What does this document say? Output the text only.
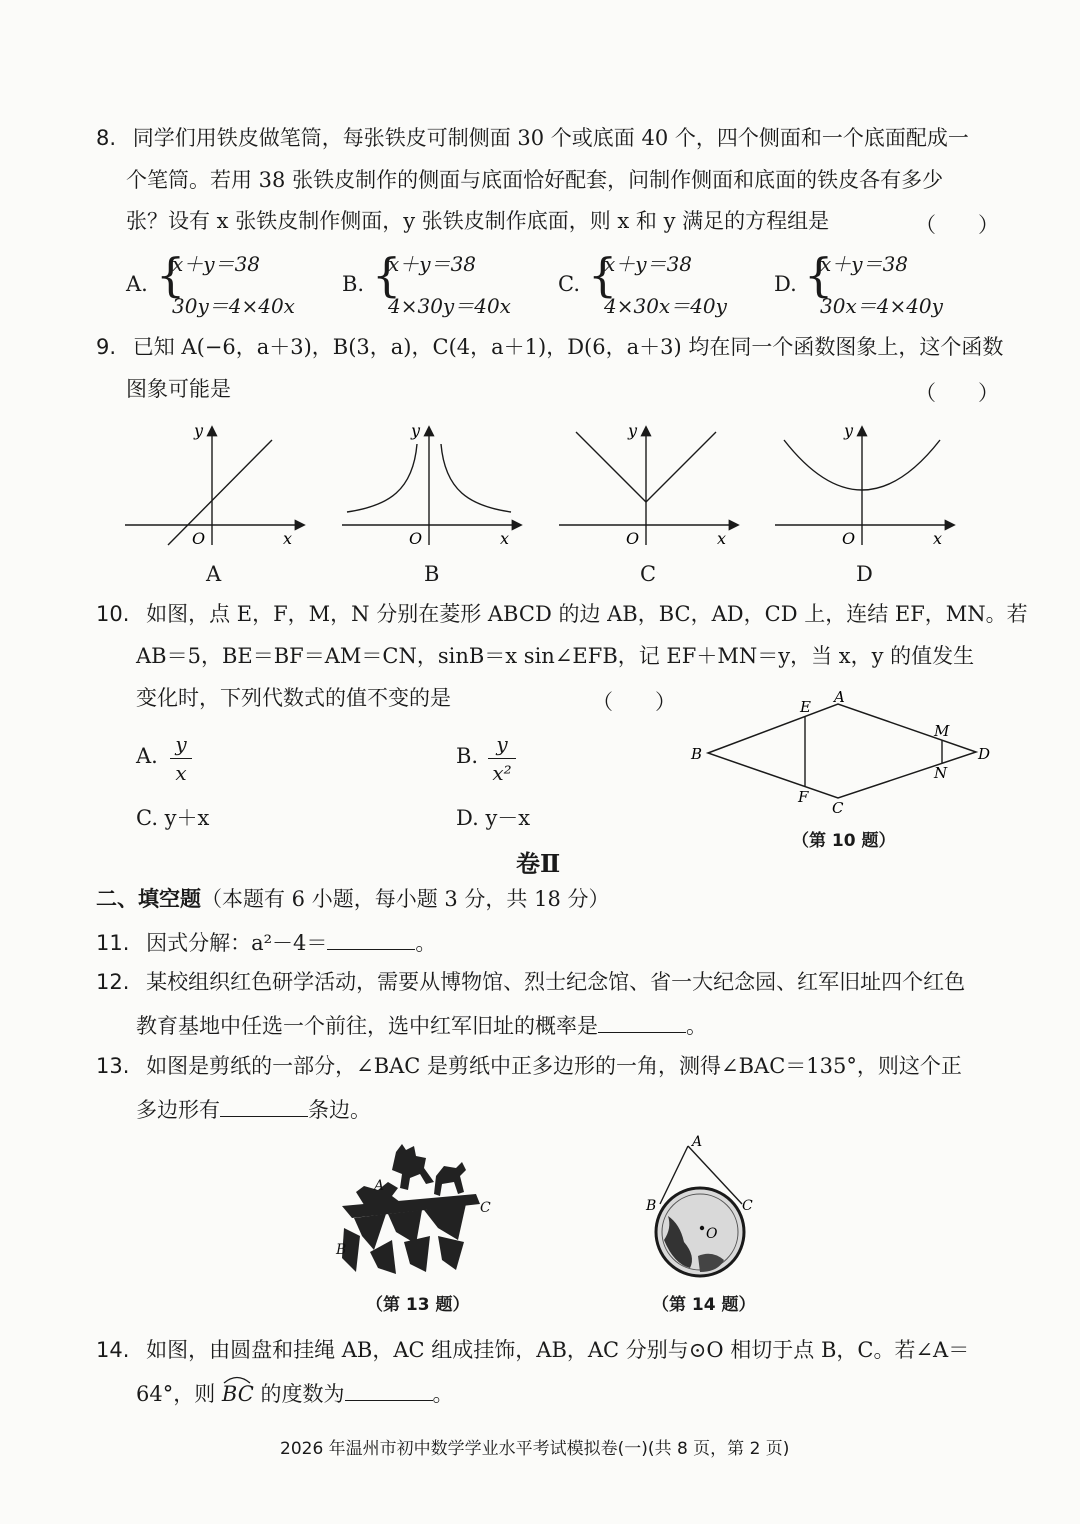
8. 同学们用铁皮做笔筒，每张铁皮可制侧面 30 个或底面 40 个，四个侧面和一个底面配成一
个笔筒。若用 38 张铁皮制作的侧面与底面恰好配套，问制作侧面和底面的铁皮各有多少
张？设有 x 张铁皮制作侧面，y 张铁皮制作底面，则 x 和 y 满足的方程组是	（　　）
A. {
x＋y＝38
30y＝4×40x
B. {
x＋y＝38
4×30y＝40x
C. {
x＋y＝38
4×30x＝40y
D. {
x＋y＝38
30x＝4×40y
9. 已知 A(−6，a＋3)，B(3，a)，C(4，a＋1)，D(6，a＋3) 均在同一个函数图象上，这个函数
图象可能是	（　　）
y
x
O
A
y
x
O
B
y
x
O
C
y
x
O
D
10. 如图，点 E，F，M，N 分别在菱形 ABCD 的边 AB，BC，AD，CD 上，连结 EF，MN。若
AB＝5，BE＝BF＝AM＝CN，sinB＝x sin∠EFB，记 EF＋MN＝y，当 x，y 的值发生
变化时，下列代数式的值不变的是	（　　）
A. y
x
B. y
x²
C. y＋x	D. y－x
A
B
C
D
E
F
M
N
（第 10 题）
卷Ⅱ
二、填空题（本题有 6 小题，每小题 3 分，共 18 分）
11. 因式分解：a²－4＝	。
12. 某校组织红色研学活动，需要从博物馆、烈士纪念馆、省一大纪念园、红军旧址四个红色
教育基地中任选一个前往，选中红军旧址的概率是	。
13. 如图是剪纸的一部分，∠BAC 是剪纸中正多边形的一角，测得∠BAC＝135°，则这个正
多边形有	条边。
A
B
C
（第 13 题）
A
B	C
O
（第 14 题）
14. 如图，由圆盘和挂绳 AB，AC 组成挂饰，AB，AC 分别与⊙O 相切于点 B，C。若∠A＝
64°，则 BC 的度数为	。
2026 年温州市初中数学学业水平考试模拟卷(一)(共 8 页，第 2 页)
